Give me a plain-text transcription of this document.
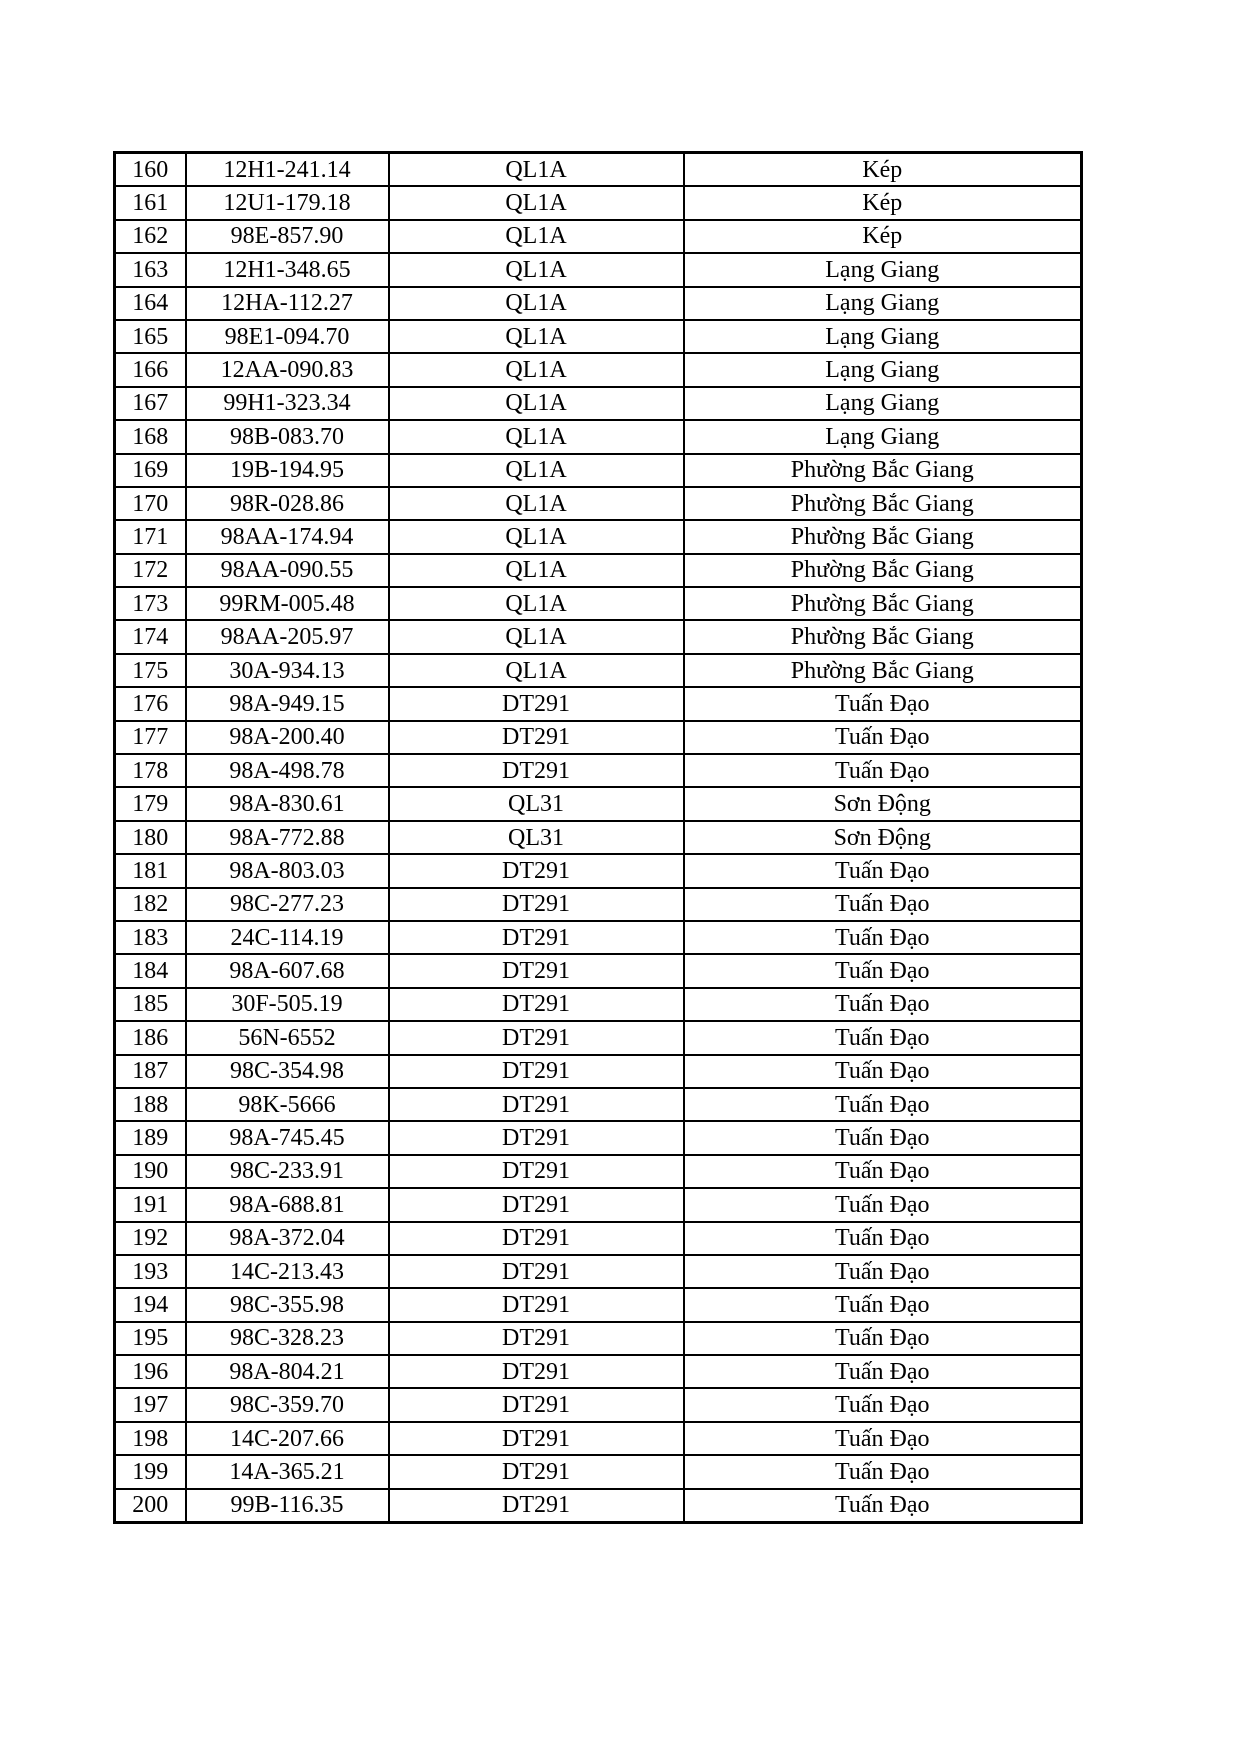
160	12H1-241.14	QL1A	Kép
161	12U1-179.18	QL1A	Kép
162	98E-857.90	QL1A	Kép
163	12H1-348.65	QL1A	Lạng Giang
164	12HA-112.27	QL1A	Lạng Giang
165	98E1-094.70	QL1A	Lạng Giang
166	12AA-090.83	QL1A	Lạng Giang
167	99H1-323.34	QL1A	Lạng Giang
168	98B-083.70	QL1A	Lạng Giang
169	19B-194.95	QL1A	Phường Bắc Giang
170	98R-028.86	QL1A	Phường Bắc Giang
171	98AA-174.94	QL1A	Phường Bắc Giang
172	98AA-090.55	QL1A	Phường Bắc Giang
173	99RM-005.48	QL1A	Phường Bắc Giang
174	98AA-205.97	QL1A	Phường Bắc Giang
175	30A-934.13	QL1A	Phường Bắc Giang
176	98A-949.15	DT291	Tuấn Đạo
177	98A-200.40	DT291	Tuấn Đạo
178	98A-498.78	DT291	Tuấn Đạo
179	98A-830.61	QL31	Sơn Động
180	98A-772.88	QL31	Sơn Động
181	98A-803.03	DT291	Tuấn Đạo
182	98C-277.23	DT291	Tuấn Đạo
183	24C-114.19	DT291	Tuấn Đạo
184	98A-607.68	DT291	Tuấn Đạo
185	30F-505.19	DT291	Tuấn Đạo
186	56N-6552	DT291	Tuấn Đạo
187	98C-354.98	DT291	Tuấn Đạo
188	98K-5666	DT291	Tuấn Đạo
189	98A-745.45	DT291	Tuấn Đạo
190	98C-233.91	DT291	Tuấn Đạo
191	98A-688.81	DT291	Tuấn Đạo
192	98A-372.04	DT291	Tuấn Đạo
193	14C-213.43	DT291	Tuấn Đạo
194	98C-355.98	DT291	Tuấn Đạo
195	98C-328.23	DT291	Tuấn Đạo
196	98A-804.21	DT291	Tuấn Đạo
197	98C-359.70	DT291	Tuấn Đạo
198	14C-207.66	DT291	Tuấn Đạo
199	14A-365.21	DT291	Tuấn Đạo
200	99B-116.35	DT291	Tuấn Đạo
